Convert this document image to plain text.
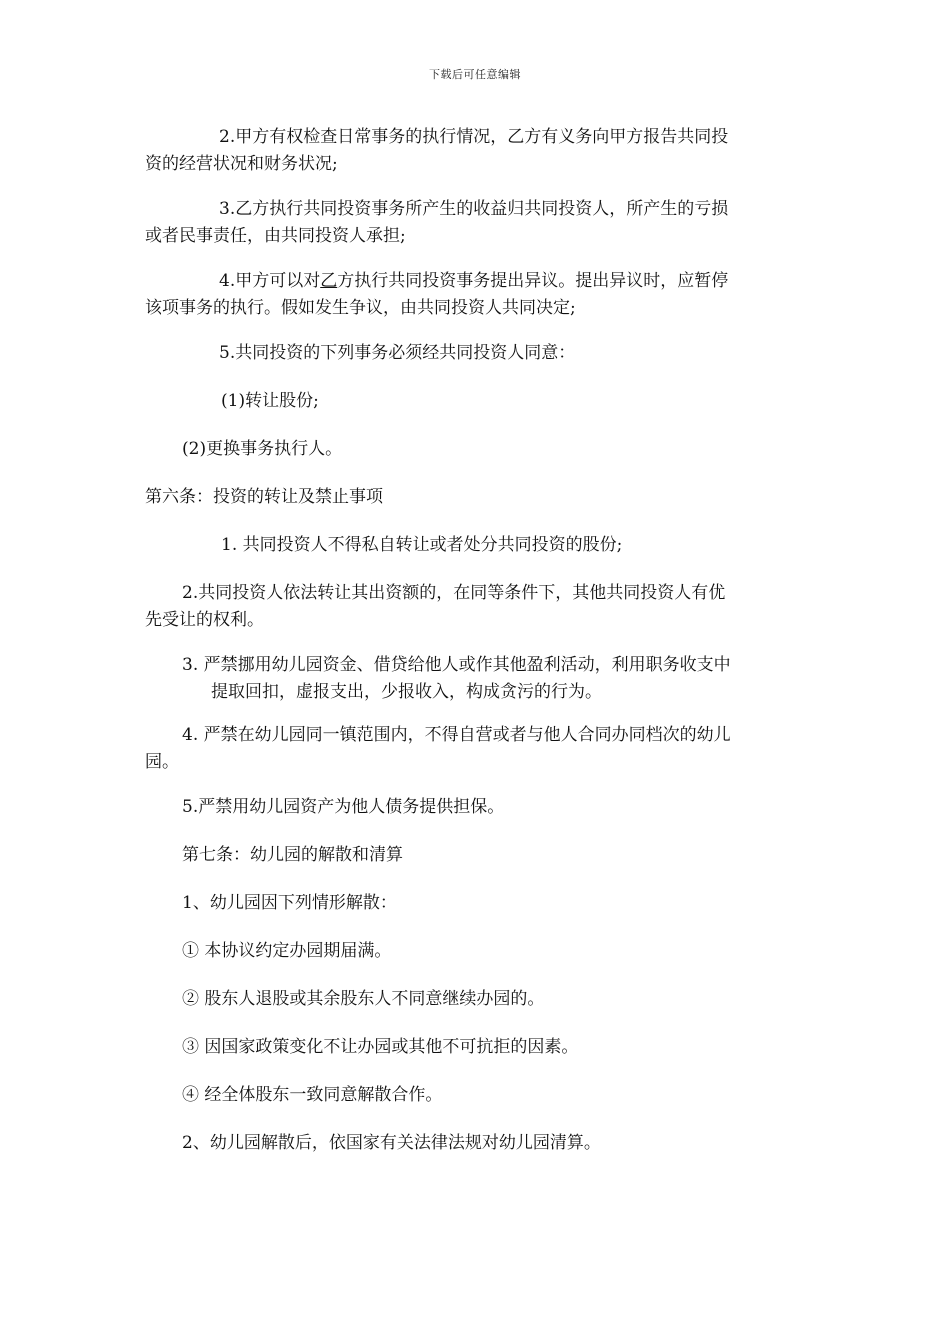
下载后可任意编辑

2.甲方有权检查日常事务的执行情况，乙方有义务向甲方报告共同投
资的经营状况和财务状况;

3.乙方执行共同投资事务所产生的收益归共同投资人，所产生的亏损
或者民事责任，由共同投资人承担;

4.甲方可以对乙方执行共同投资事务提出异议。提出异议时，应暂停
该项事务的执行。假如发生争议，由共同投资人共同决定;

5.共同投资的下列事务必须经共同投资人同意：

(1)转让股份;

(2)更换事务执行人。

第六条：投资的转让及禁止事项

1. 共同投资人不得私自转让或者处分共同投资的股份;

2.共同投资人依法转让其出资额的，在同等条件下，其他共同投资人有优
先受让的权利。

3. 严禁挪用幼儿园资金、借贷给他人或作其他盈利活动，利用职务收支中
提取回扣，虚报支出，少报收入，构成贪污的行为。

4. 严禁在幼儿园同一镇范围内，不得自营或者与他人合同办同档次的幼儿
园。

5.严禁用幼儿园资产为他人债务提供担保。

第七条：幼儿园的解散和清算

1、幼儿园因下列情形解散：

① 本协议约定办园期届满。

② 股东人退股或其余股东人不同意继续办园的。

③ 因国家政策变化不让办园或其他不可抗拒的因素。

④ 经全体股东一致同意解散合作。

2、幼儿园解散后，依国家有关法律法规对幼儿园清算。
